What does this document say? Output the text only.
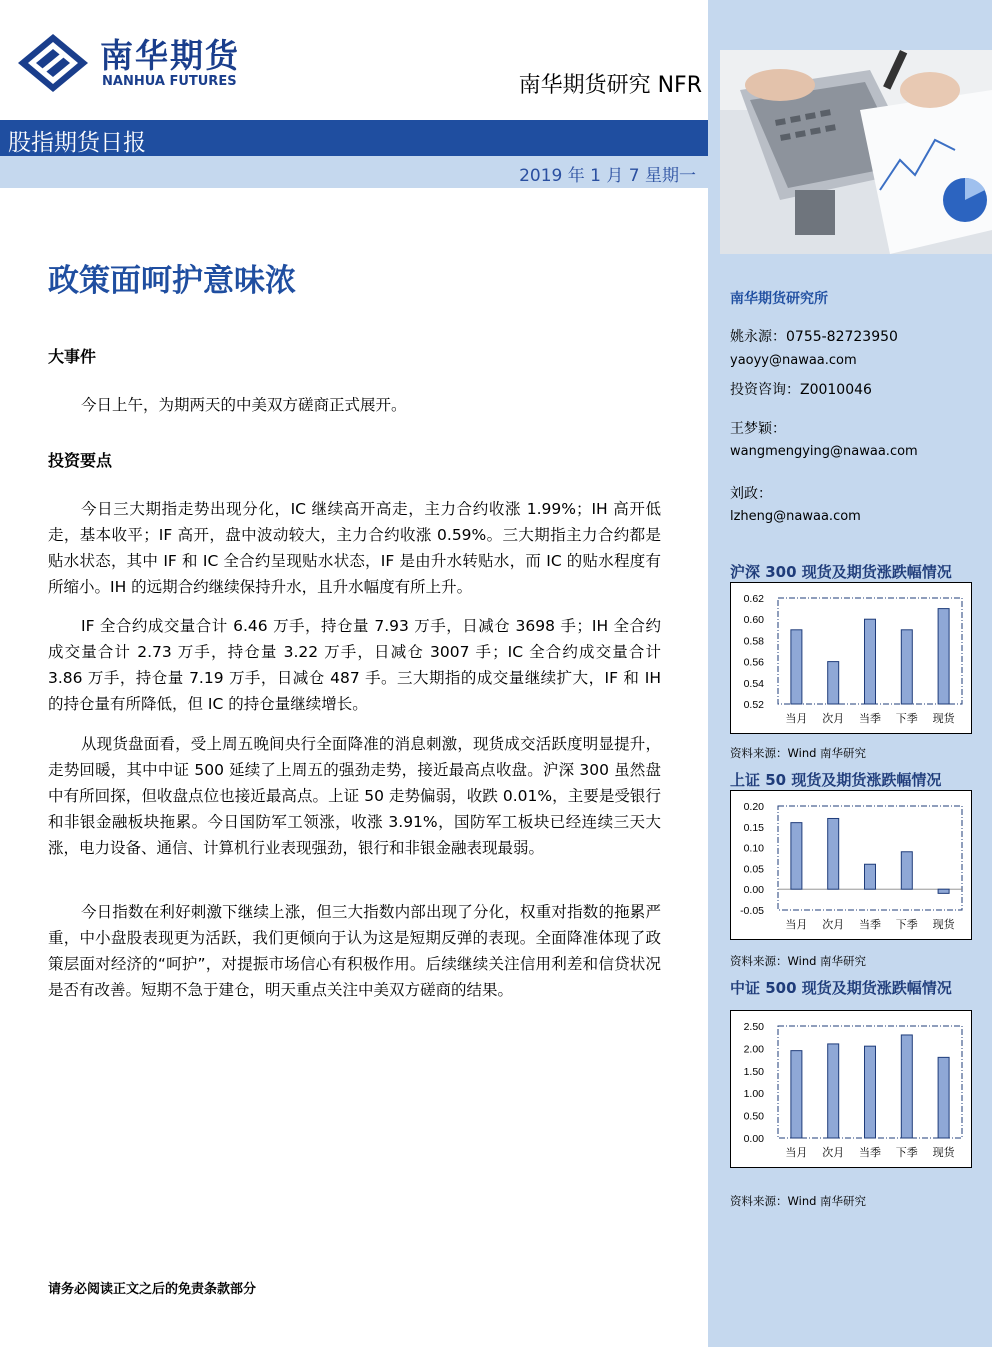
南华期货
NANHUA FUTURES	南华期货研究 NFR
股指期货日报
2019 年 1 月 7 星期一
南华期货研究所
姚永源：0755-82723950
yaoyy@nawaa.com
投资咨询：Z0010046
王梦颖：
wangmengying@nawaa.com
刘政：
lzheng@nawaa.com
沪深 300 现货及期货涨跌幅情况
0.62
0.60
0.58
0.56
0.54
0.52
当月 次月 当季 下季 现货
资料来源：Wind 南华研究
上证 50 现货及期货涨跌幅情况
0.20
0.15
0.10
0.05
0.00
-0.05
当月 次月 当季 下季 现货
资料来源：Wind 南华研究
中证 500 现货及期货涨跌幅情况
2.50
2.00
1.50
1.00
0.50
0.00
当月 次月 当季 下季 现货
资料来源：Wind 南华研究
政策面呵护意味浓
大事件

今日上午，为期两天的中美双方磋商正式展开。

投资要点

今日三大期指走势出现分化，IC 继续高开高走，主力合约收涨 1.99%；IH 高开低走，基本收平；IF 高开，盘中波动较大，主力合约收涨 0.59%。三大期指主力合约都是贴水状态，其中 IF 和 IC 全合约呈现贴水状态，IF 是由升水转贴水，而 IC 的贴水程度有所缩小。IH 的远期合约继续保持升水，且升水幅度有所上升。

IF 全合约成交量合计 6.46 万手，持仓量 7.93 万手，日减仓 3698 手；IH 全合约成交量合计 2.73 万手，持仓量 3.22 万手，日减仓 3007 手；IC 全合约成交量合计 3.86 万手，持仓量 7.19 万手，日减仓 487 手。三大期指的成交量继续扩大，IF 和 IH 的持仓量有所降低，但 IC 的持仓量继续增长。

从现货盘面看，受上周五晚间央行全面降准的消息刺激，现货成交活跃度明显提升，走势回暖，其中中证 500 延续了上周五的强劲走势，接近最高点收盘。沪深 300 虽然盘中有所回探，但收盘点位也接近最高点。上证 50 走势偏弱，收跌 0.01%，主要是受银行和非银金融板块拖累。今日国防军工领涨，收涨 3.91%，国防军工板块已经连续三天大涨，电力设备、通信、计算机行业表现强劲，银行和非银金融表现最弱。

今日指数在利好刺激下继续上涨，但三大指数内部出现了分化，权重对指数的拖累严重，中小盘股表现更为活跃，我们更倾向于认为这是短期反弹的表现。全面降准体现了政策层面对经济的“呵护”，对提振市场信心有积极作用。后续继续关注信用利差和信贷状况是否有改善。短期不急于建仓，明天重点关注中美双方磋商的结果。

请务必阅读正文之后的免责条款部分
